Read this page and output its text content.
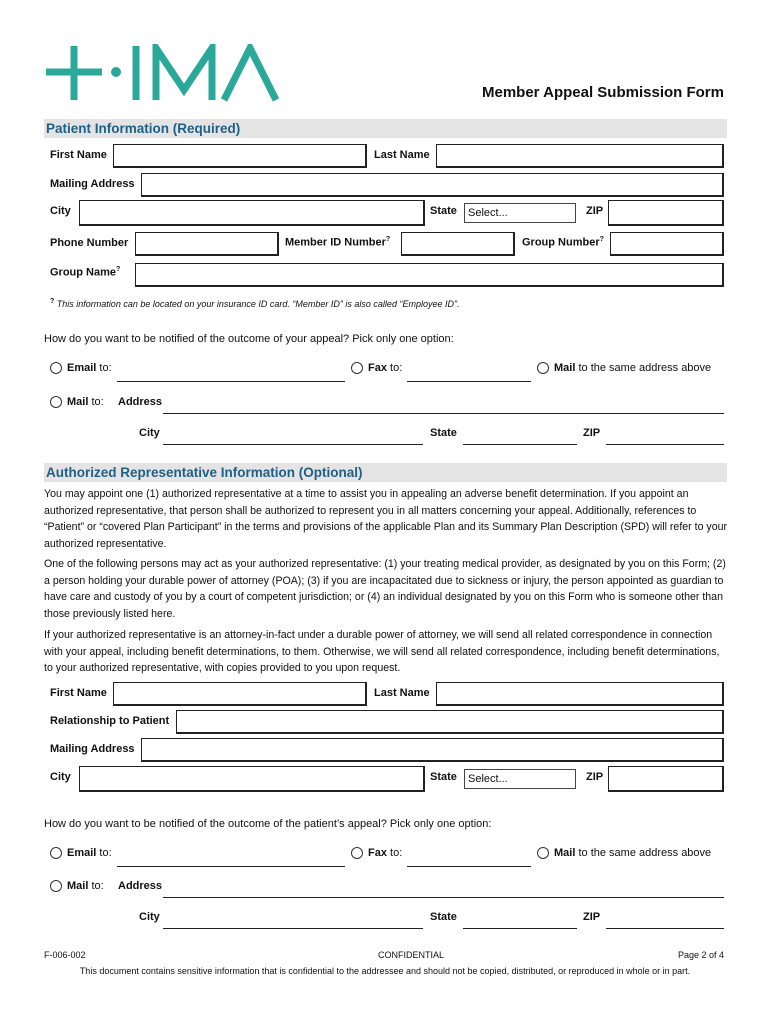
Member Appeal Submission Form
Patient Information (Required)
First Name	Last Name
Mailing Address
City	State	Select...	ZIP
Phone Number	Member ID Number?	Group Number?
Group Name?
? This information can be located on your insurance ID card. “Member ID” is also called “Employee ID”.
How do you want to be notified of the outcome of your appeal? Pick only one option:
Email to:	Fax to:	Mail to the same address above
Mail to: Address
City	State	ZIP
Authorized Representative Information (Optional)
You may appoint one (1) authorized representative at a time to assist you in appealing an adverse benefit determination. If you appoint an authorized representative, that person shall be authorized to represent you in all matters concerning your appeal. Additionally, references to “Patient” or “covered Plan Participant” in the terms and provisions of the applicable Plan and its Summary Plan Description (SPD) will refer to your authorized representative.
One of the following persons may act as your authorized representative: (1) your treating medical provider, as designated by you on this Form; (2) a person holding your durable power of attorney (POA); (3) if you are incapacitated due to sickness or injury, the person appointed as guardian to have care and custody of you by a court of competent jurisdiction; or (4) an individual designated by you on this Form who is someone other than those previously listed here.
If your authorized representative is an attorney-in-fact under a durable power of attorney, we will send all related correspondence in connection with your appeal, including benefit determinations, to them. Otherwise, we will send all related correspondence, including benefit determinations, to your authorized representative, with copies provided to you upon request.
First Name	Last Name
Relationship to Patient
Mailing Address
City	State	Select...	ZIP
How do you want to be notified of the outcome of the patient’s appeal? Pick only one option:
Email to:	Fax to:	Mail to the same address above
Mail to: Address
City	State	ZIP
F-006-002	CONFIDENTIAL	Page 2 of 4
This document contains sensitive information that is confidential to the addressee and should not be copied, distributed, or reproduced in whole or in part.
